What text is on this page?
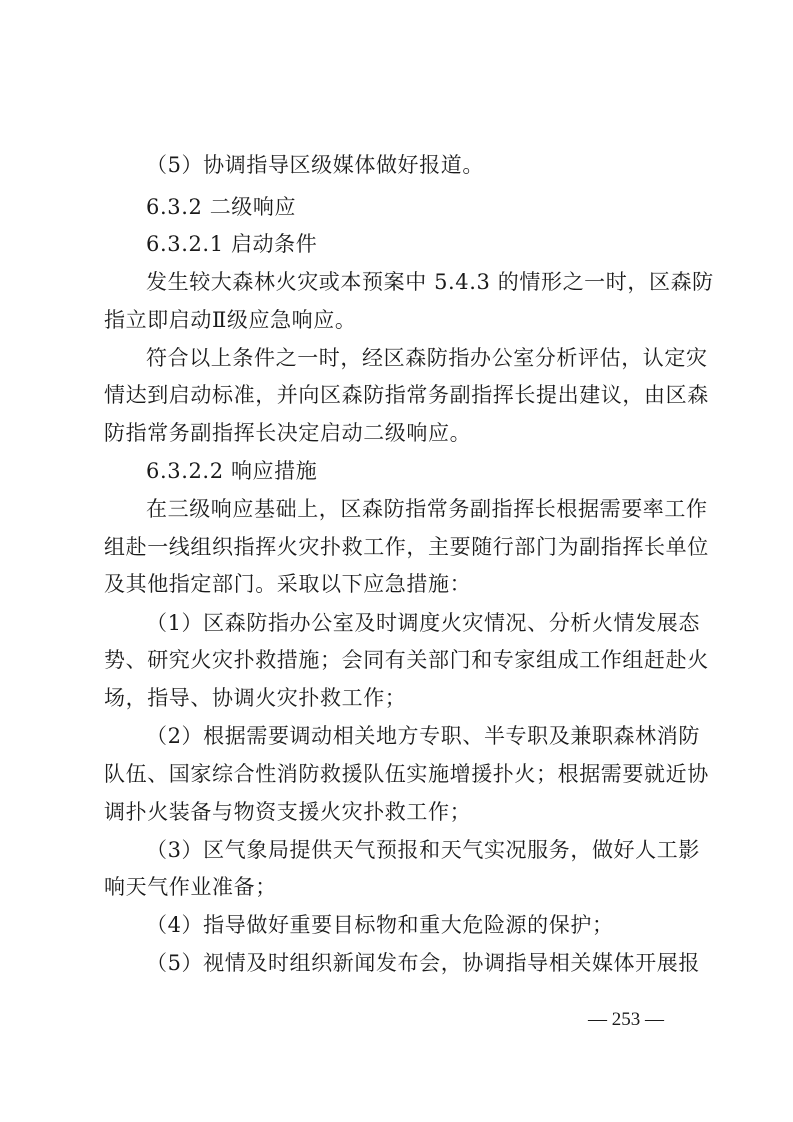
（5）协调指导区级媒体做好报道。
6.3.2 二级响应
6.3.2.1 启动条件
发生较大森林火灾或本预案中 5.4.3 的情形之一时，区森防
指立即启动Ⅱ级应急响应。
符合以上条件之一时，经区森防指办公室分析评估，认定灾
情达到启动标准，并向区森防指常务副指挥长提出建议，由区森
防指常务副指挥长决定启动二级响应。
6.3.2.2 响应措施
在三级响应基础上，区森防指常务副指挥长根据需要率工作
组赴一线组织指挥火灾扑救工作，主要随行部门为副指挥长单位
及其他指定部门。采取以下应急措施：
（1）区森防指办公室及时调度火灾情况、分析火情发展态
势、研究火灾扑救措施；会同有关部门和专家组成工作组赶赴火
场，指导、协调火灾扑救工作；
（2）根据需要调动相关地方专职、半专职及兼职森林消防
队伍、国家综合性消防救援队伍实施增援扑火；根据需要就近协
调扑火装备与物资支援火灾扑救工作；
（3）区气象局提供天气预报和天气实况服务，做好人工影
响天气作业准备；
（4）指导做好重要目标物和重大危险源的保护；
（5）视情及时组织新闻发布会，协调指导相关媒体开展报
— 253 —
